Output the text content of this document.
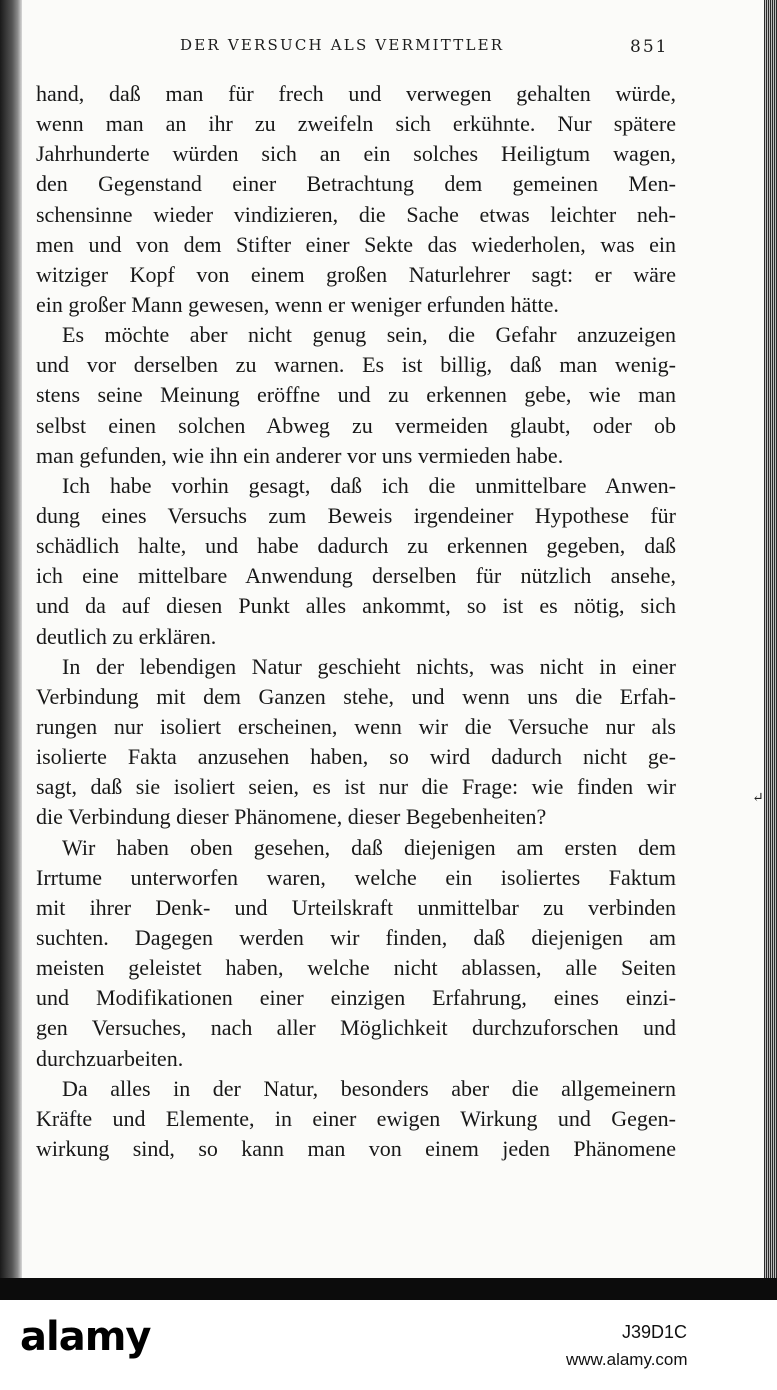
DER VERSUCH ALS VERMITTLER	851
hand, daß man für frech und verwegen gehalten würde,
wenn man an ihr zu zweifeln sich erkühnte. Nur spätere
Jahrhunderte würden sich an ein solches Heiligtum wagen,
den Gegenstand einer Betrachtung dem gemeinen Men-
schensinne wieder vindizieren, die Sache etwas leichter neh-
men und von dem Stifter einer Sekte das wiederholen, was ein
witziger Kopf von einem großen Naturlehrer sagt: er wäre
ein großer Mann gewesen, wenn er weniger erfunden hätte.
Es möchte aber nicht genug sein, die Gefahr anzuzeigen
und vor derselben zu warnen. Es ist billig, daß man wenig-
stens seine Meinung eröffne und zu erkennen gebe, wie man
selbst einen solchen Abweg zu vermeiden glaubt, oder ob
man gefunden, wie ihn ein anderer vor uns vermieden habe.
Ich habe vorhin gesagt, daß ich die unmittelbare Anwen-
dung eines Versuchs zum Beweis irgendeiner Hypothese für
schädlich halte, und habe dadurch zu erkennen gegeben, daß
ich eine mittelbare Anwendung derselben für nützlich ansehe,
und da auf diesen Punkt alles ankommt, so ist es nötig, sich
deutlich zu erklären.
In der lebendigen Natur geschieht nichts, was nicht in einer
Verbindung mit dem Ganzen stehe, und wenn uns die Erfah-
rungen nur isoliert erscheinen, wenn wir die Versuche nur als
isolierte Fakta anzusehen haben, so wird dadurch nicht ge-
sagt, daß sie isoliert seien, es ist nur die Frage: wie finden wir
die Verbindung dieser Phänomene, dieser Begebenheiten?
Wir haben oben gesehen, daß diejenigen am ersten dem
Irrtume unterworfen waren, welche ein isoliertes Faktum
mit ihrer Denk- und Urteilskraft unmittelbar zu verbinden
suchten. Dagegen werden wir finden, daß diejenigen am
meisten geleistet haben, welche nicht ablassen, alle Seiten
und Modifikationen einer einzigen Erfahrung, eines einzi-
gen Versuches, nach aller Möglichkeit durchzuforschen und
durchzuarbeiten.
Da alles in der Natur, besonders aber die allgemeinern
Kräfte und Elemente, in einer ewigen Wirkung und Gegen-
wirkung sind, so kann man von einem jeden Phänomene
↵
alamy	J39D1C
www.alamy.com
